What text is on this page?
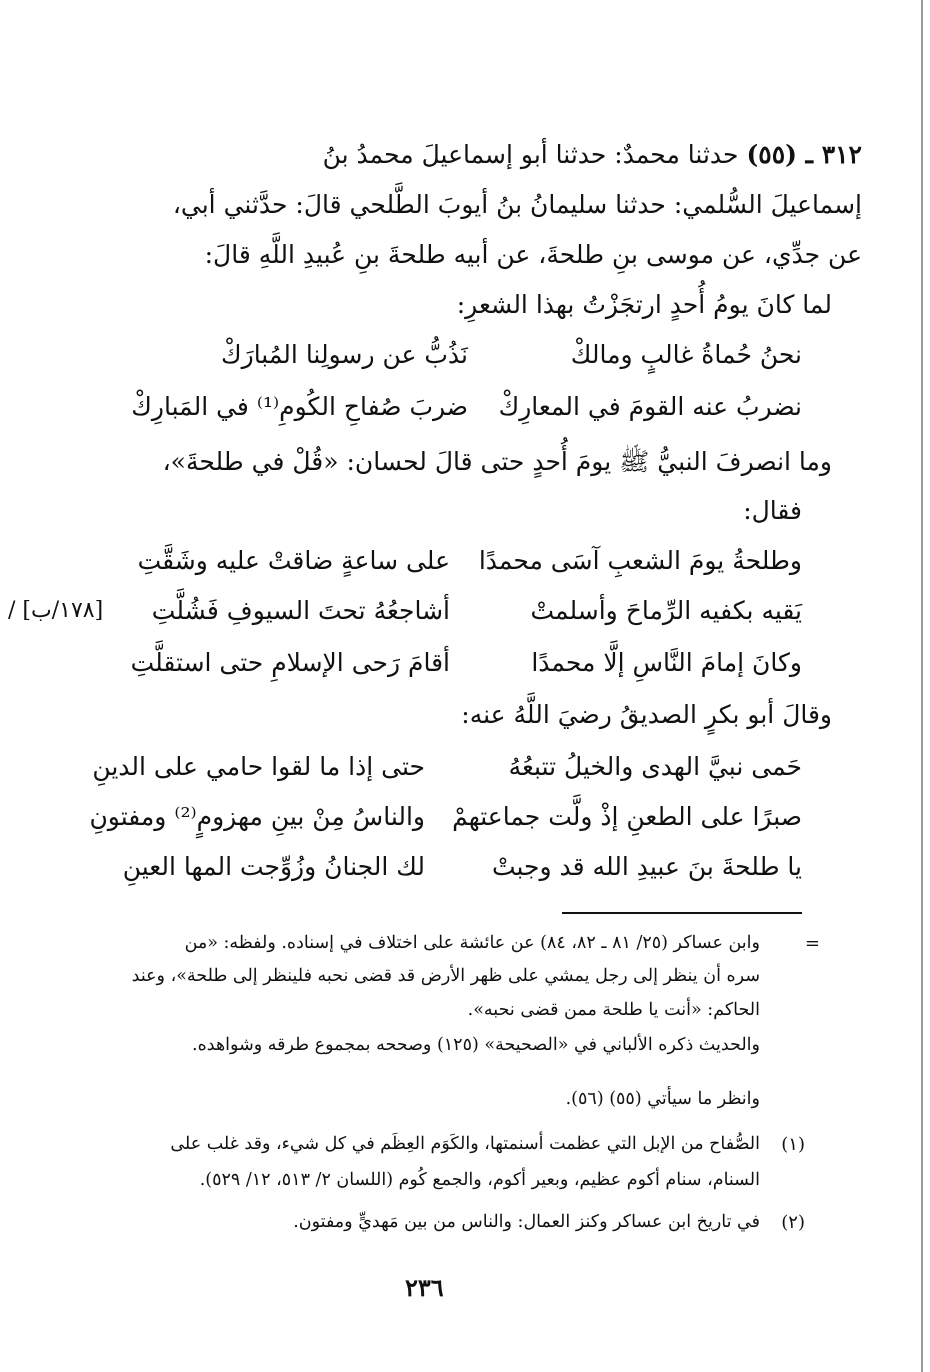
٣١٢ ـ (٥٥) حدثنا محمدٌ: حدثنا أبو إسماعيلَ محمدُ بنُ
إسماعيلَ السُّلمي: حدثنا سليمانُ بنُ أيوبَ الطَّلحي قالَ: حدَّثني أبي،
عن جدِّي، عن موسى بنِ طلحةَ، عن أبيه طلحةَ بنِ عُبيدِ اللَّهِ قالَ:
لما كانَ يومُ أُحدٍ ارتجَزْتُ بهذا الشعرِ:
نحنُ حُماةُ غالبٍ ومالكْ
نَذُبُّ عن رسولِنا المُبارَكْ
نضربُ عنه القومَ في المعارِكْ
ضربَ صُفاحِ الكُومِ⁽¹⁾ في المَبارِكْ
وما انصرفَ النبيُّ ﷺ يومَ أُحدٍ حتى قالَ لحسان: «قُلْ في طلحةَ»،
فقال:
وطلحةُ يومَ الشعبِ آسَى محمدًا
على ساعةٍ ضاقتْ عليه وشَقَّتِ
يَقيه بكفيه الرِّماحَ وأسلمتْ
أشاجعُهُ تحتَ السيوفِ فَشُلَّتِ
[١٧٨/ب] /
وكانَ إمامَ النَّاسِ إلَّا محمدًا
أقامَ رَحى الإسلامِ حتى استقلَّتِ
وقالَ أبو بكرٍ الصديقُ رضيَ اللَّهُ عنه:
حَمى نبيَّ الهدى والخيلُ تتبعُهُ
حتى إذا ما لقوا حامي على الدينِ
صبرًا على الطعنِ إذْ ولَّت جماعتهمْ
والناسُ مِنْ بينِ مهزومٍ⁽²⁾ ومفتونِ
يا طلحةَ بنَ عبيدِ الله قد وجبتْ
لك الجنانُ وزُوِّجت المها العينِ
=
وابن عساكر (٢٥/ ٨١ ـ ٨٢، ٨٤) عن عائشة على اختلاف في إسناده. ولفظه: «من
سره أن ينظر إلى رجل يمشي على ظهر الأرض قد قضى نحبه فلينظر إلى طلحة»، وعند
الحاكم: «أنت يا طلحة ممن قضى نحبه».
والحديث ذكره الألباني في «الصحيحة» (١٢٥) وصححه بمجموع طرقه وشواهده.
وانظر ما سيأتي (٥٥) (٥٦).
(١)
الصُّفاح من الإبل التي عظمت أسنمتها، والكَوَم العِظَم في كل شيء، وقد غلب على
السنام، سنام أكوم عظيم، وبعير أكوم، والجمع كُوم (اللسان ٢/ ٥١٣، ١٢/ ٥٢٩).
(٢)
في تاريخ ابن عساكر وكنز العمال: والناس من بين مَهديٍّ ومفتون.
٢٣٦
